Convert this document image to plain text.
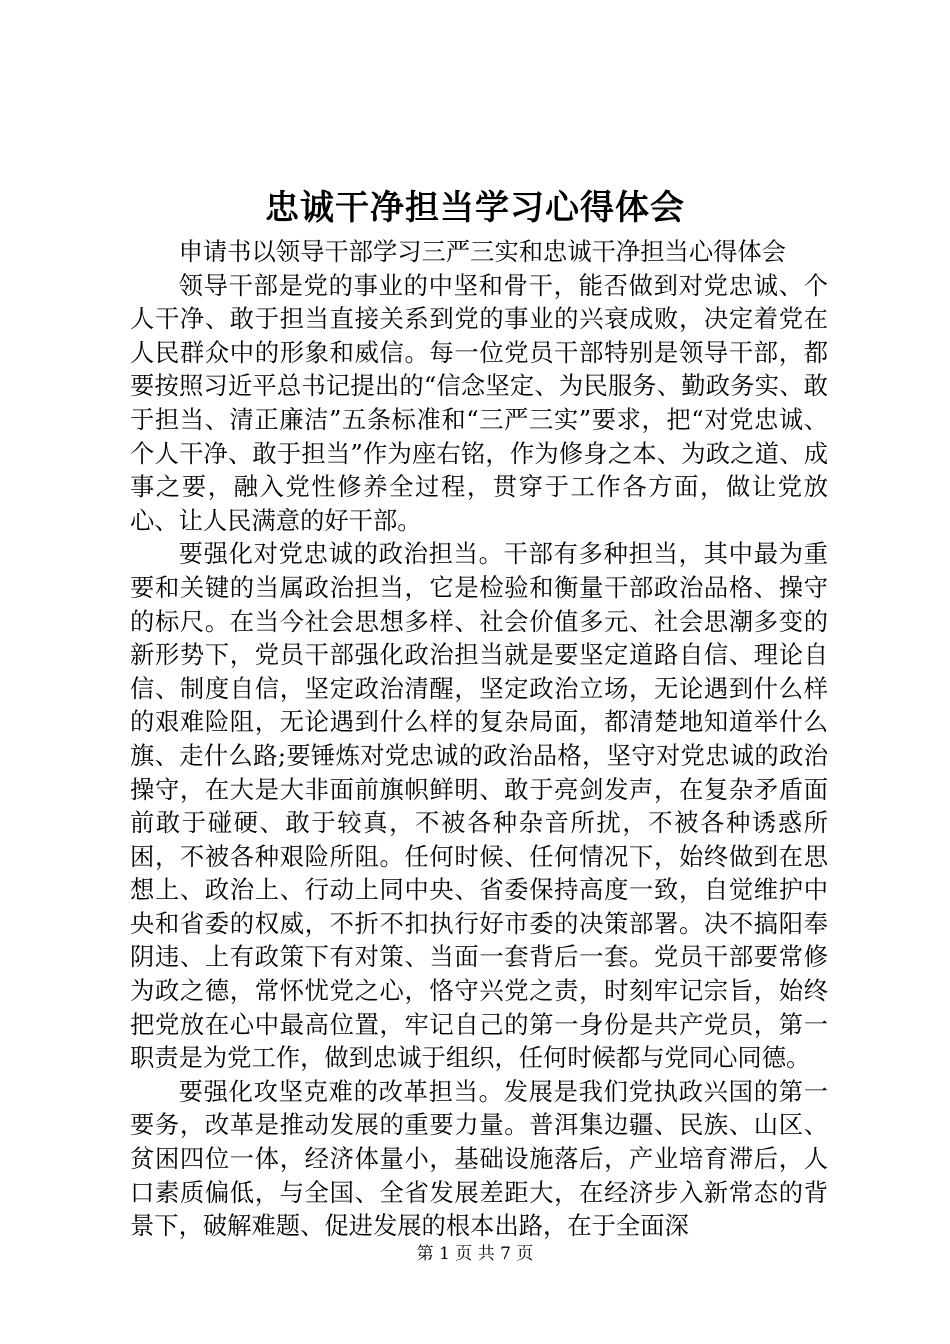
忠诚干净担当学习心得体会

申请书以领导干部学习三严三实和忠诚干净担当心得体会

领导干部是党的事业的中坚和骨干，能否做到对党忠诚、个人干净、敢于担当直接关系到党的事业的兴衰成败，决定着党在人民群众中的形象和威信。每一位党员干部特别是领导干部，都要按照习近平总书记提出的“信念坚定、为民服务、勤政务实、敢于担当、清正廉洁”五条标准和“三严三实”要求，把“对党忠诚、个人干净、敢于担当”作为座右铭，作为修身之本、为政之道、成事之要，融入党性修养全过程，贯穿于工作各方面，做让党放心、让人民满意的好干部。

要强化对党忠诚的政治担当。干部有多种担当，其中最为重要和关键的当属政治担当，它是检验和衡量干部政治品格、操守的标尺。在当今社会思想多样、社会价值多元、社会思潮多变的新形势下，党员干部强化政治担当就是要坚定道路自信、理论自信、制度自信，坚定政治清醒，坚定政治立场，无论遇到什么样的艰难险阻，无论遇到什么样的复杂局面，都清楚地知道举什么旗、走什么路;要锤炼对党忠诚的政治品格，坚守对党忠诚的政治操守，在大是大非面前旗帜鲜明、敢于亮剑发声，在复杂矛盾面前敢于碰硬、敢于较真，不被各种杂音所扰，不被各种诱惑所困，不被各种艰险所阻。任何时候、任何情况下，始终做到在思想上、政治上、行动上同中央、省委保持高度一致，自觉维护中央和省委的权威，不折不扣执行好市委的决策部署。决不搞阳奉阴违、上有政策下有对策、当面一套背后一套。党员干部要常修为政之德，常怀忧党之心，恪守兴党之责，时刻牢记宗旨，始终把党放在心中最高位置，牢记自己的第一身份是共产党员，第一职责是为党工作，做到忠诚于组织，任何时候都与党同心同德。

要强化攻坚克难的改革担当。发展是我们党执政兴国的第一要务，改革是推动发展的重要力量。普洱集边疆、民族、山区、贫困四位一体，经济体量小，基础设施落后，产业培育滞后，人口素质偏低，与全国、全省发展差距大，在经济步入新常态的背景下，破解难题、促进发展的根本出路，在于全面深

第 1 页 共 7 页
